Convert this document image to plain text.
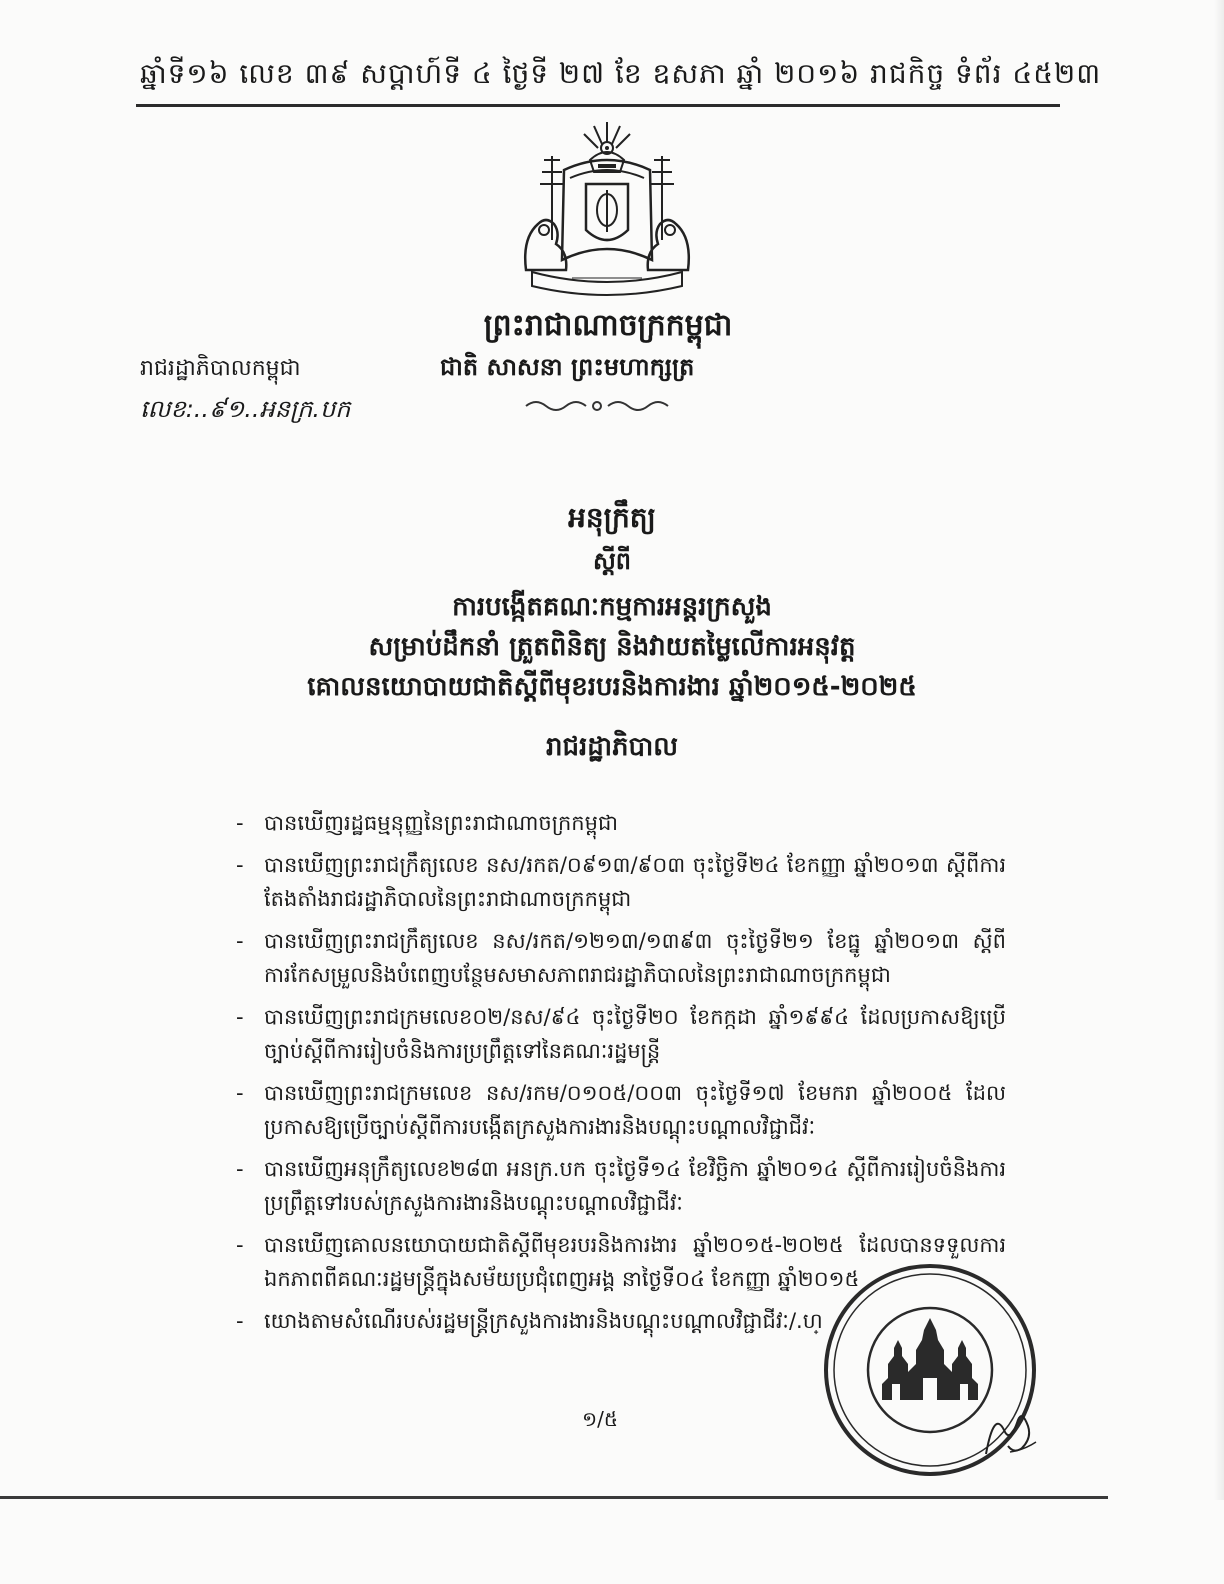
ឆ្នាំទី១៦ លេខ ៣៩ សប្តាហ៍ទី ៤ ថ្ងៃទី ២៧ ខែ ឧសភា ឆ្នាំ ២០១៦ រាជកិច្ច ទំព័រ ៤៥២៣
ព្រះរាជាណាចក្រកម្ពុជា
រាជរដ្ឋាភិបាលកម្ពុជា	ជាតិ សាសនា ព្រះមហាក្សត្រ
លេខ:..៩១..អនក្រ.បក
អនុក្រឹត្យ
ស្តីពី
ការបង្កើតគណៈកម្មការអន្តរក្រសួង
សម្រាប់ដឹកនាំ ត្រួតពិនិត្យ និងវាយតម្លៃលើការអនុវត្ត
គោលនយោបាយជាតិស្តីពីមុខរបរនិងការងារ ឆ្នាំ២០១៥-២០២៥
រាជរដ្ឋាភិបាល
- បានឃើញរដ្ឋធម្មនុញ្ញនៃព្រះរាជាណាចក្រកម្ពុជា
- បានឃើញព្រះរាជក្រឹត្យលេខ នស/រកត/០៩១៣/៩០៣ ចុះថ្ងៃទី២៤ ខែកញ្ញា ឆ្នាំ២០១៣ ស្តីពីការតែងតាំងរាជរដ្ឋាភិបាលនៃព្រះរាជាណាចក្រកម្ពុជា
- បានឃើញព្រះរាជក្រឹត្យលេខ នស/រកត/១២១៣/១៣៩៣ ចុះថ្ងៃទី២១ ខែធ្នូ ឆ្នាំ២០១៣ ស្តីពីការកែសម្រួលនិងបំពេញបន្ថែមសមាសភាពរាជរដ្ឋាភិបាលនៃព្រះរាជាណាចក្រកម្ពុជា
- បានឃើញព្រះរាជក្រមលេខ០២/នស/៩៤ ចុះថ្ងៃទី២០ ខែកក្កដា ឆ្នាំ១៩៩៤ ដែលប្រកាសឱ្យប្រើច្បាប់ស្តីពីការរៀបចំនិងការប្រព្រឹត្តទៅនៃគណៈរដ្ឋមន្ត្រី
- បានឃើញព្រះរាជក្រមលេខ នស/រកម/០១០៥/០០៣ ចុះថ្ងៃទី១៧ ខែមករា ឆ្នាំ២០០៥ ដែលប្រកាសឱ្យប្រើច្បាប់ស្តីពីការបង្កើតក្រសួងការងារនិងបណ្តុះបណ្តាលវិជ្ជាជីវៈ
- បានឃើញអនុក្រឹត្យលេខ២៨៣ អនក្រ.បក ចុះថ្ងៃទី១៤ ខែវិច្ឆិកា ឆ្នាំ២០១៤ ស្តីពីការរៀបចំនិងការប្រព្រឹត្តទៅរបស់ក្រសួងការងារនិងបណ្តុះបណ្តាលវិជ្ជាជីវៈ
- បានឃើញគោលនយោបាយជាតិស្តីពីមុខរបរនិងការងារ ឆ្នាំ២០១៥-២០២៥ ដែលបានទទួលការឯកភាពពីគណៈរដ្ឋមន្ត្រីក្នុងសម័យប្រជុំពេញអង្គ នាថ្ងៃទី០៤ ខែកញ្ញា ឆ្នាំ២០១៥
- យោងតាមសំណើរបស់រដ្ឋមន្ត្រីក្រសួងការងារនិងបណ្តុះបណ្តាលវិជ្ជាជីវៈ/.ហ្
១/៥
